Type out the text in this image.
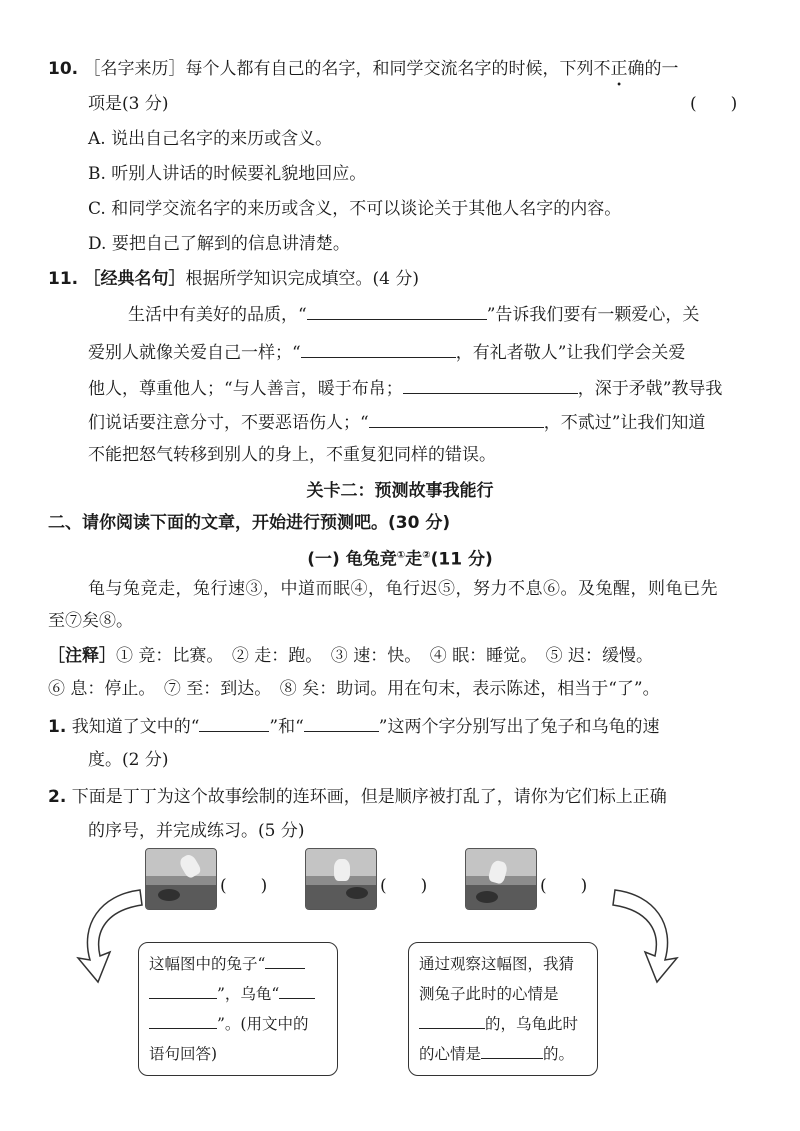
10. ［名字来历］每个人都有自己的名字，和同学交流名字的时候，下列不正确的一
项是(3 分)	(　　)
A. 说出自己名字的来历或含义。
B. 听别人讲话的时候要礼貌地回应。
C. 和同学交流名字的来历或含义，不可以谈论关于其他人名字的内容。
D. 要把自己了解到的信息讲清楚。
11. ［经典名句］根据所学知识完成填空。(4 分)
生活中有美好的品质，“	”告诉我们要有一颗爱心，关
爱别人就像关爱自己一样；“	，有礼者敬人”让我们学会关爱
他人，尊重他人；“与人善言，暖于布帛；	，深于矛戟”教导我
们说话要注意分寸，不要恶语伤人；“	，不贰过”让我们知道
不能把怒气转移到别人的身上，不重复犯同样的错误。
关卡二：预测故事我能行
二、请你阅读下面的文章，开始进行预测吧。(30 分)
(一) 龟兔竞①走②(11 分)
龟与兔竞走，兔行速③，中道而眠④，龟行迟⑤，努力不息⑥。及兔醒，则龟已先
至⑦矣⑧。
［注释］① 竞：比赛。　② 走：跑。　③ 速：快。　④ 眠：睡觉。　⑤ 迟：缓慢。
⑥ 息：停止。　⑦ 至：到达。　⑧ 矣：助词。用在句末，表示陈述，相当于“了”。
1. 我知道了文中的“	”和“	”这两个字分别写出了兔子和乌龟的速
度。(2 分)
2. 下面是丁丁为这个故事绘制的连环画，但是顺序被打乱了，请你为它们标上正确
的序号，并完成练习。(5 分)
(　　)	(　　)	(　　)
这幅图中的兔子“
”，乌龟“
”。(用文中的
语句回答)
通过观察这幅图，我猜
测兔子此时的心情是
的，乌龟此时
的心情是	的。
